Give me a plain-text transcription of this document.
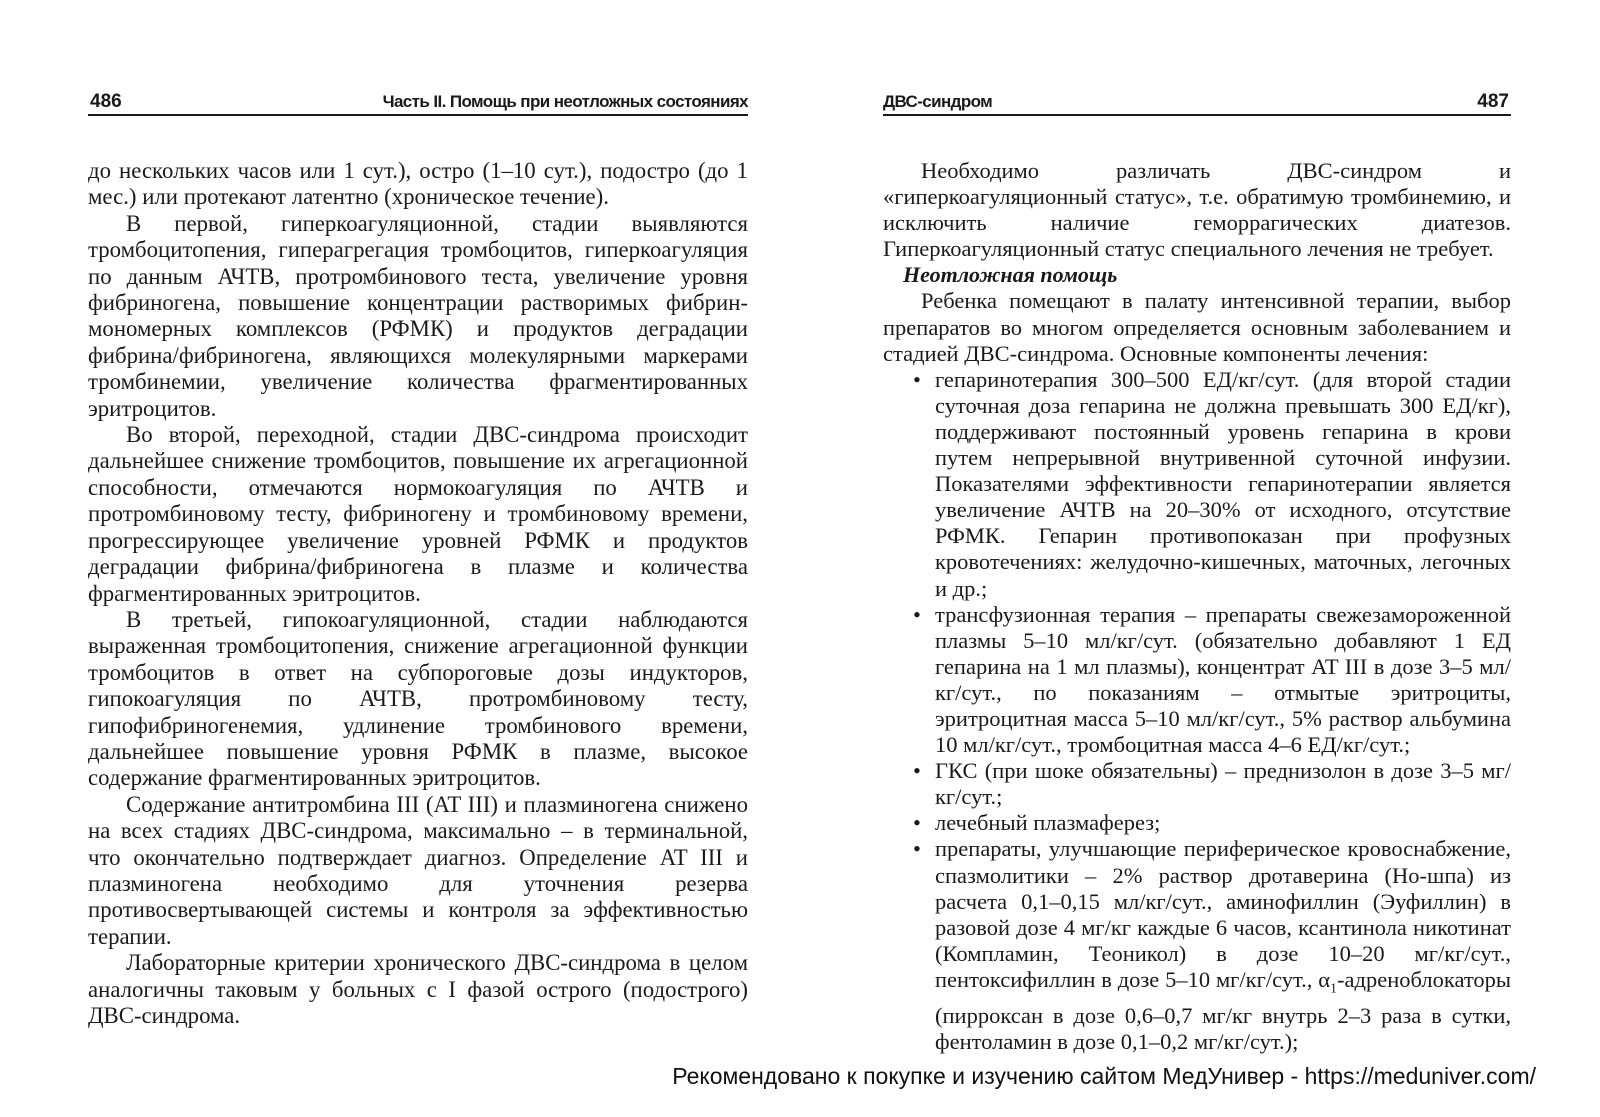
486	Часть II. Помощь при неотложных состояниях

до нескольких часов или 1 сут.), остро (1–10 сут.), подостро (до 1 мес.) или протекают латентно (хроническое течение).

В первой, гиперкоагуляционной, стадии выявляются тромбоцитопения, гиперагрегация тромбоцитов, гиперкоагуляция по данным АЧТВ, протромбинового теста, увеличение уровня фибриногена, повышение концентрации растворимых фибрин-мономерных комплексов (РФМК) и продуктов деградации фибрина/фибриногена, являющихся молекулярными маркерами тромбинемии, увеличение количества фрагментированных эритроцитов.

Во второй, переходной, стадии ДВС-синдрома происходит дальнейшее снижение тромбоцитов, повышение их агрегационной способности, отмечаются нормокоагуляция по АЧТВ и протромбиновому тесту, фибриногену и тромбиновому времени, прогрессирующее увеличение уровней РФМК и продуктов деградации фибрина/фибриногена в плазме и количества фрагментированных эритроцитов.

В третьей, гипокоагуляционной, стадии наблюдаются выраженная тромбоцитопения, снижение агрегационной функции тромбоцитов в ответ на субпороговые дозы индукторов, гипокоагуляция по АЧТВ, протромбиновому тесту, гипофибриногенемия, удлинение тромбинового времени, дальнейшее повышение уровня РФМК в плазме, высокое содержание фрагментированных эритроцитов.

Содержание антитромбина III (AT III) и плазминогена снижено на всех стадиях ДВС-синдрома, максимально – в терминальной, что окончательно подтверждает диагноз. Определение AT III и плазминогена необходимо для уточнения резерва противосвертывающей системы и контроля за эффективностью терапии.

Лабораторные критерии хронического ДВС-синдрома в целом аналогичны таковым у больных с I фазой острого (подострого) ДВС-синдрома.

ДВС-синдром	487

Необходимо различать ДВС-синдром и «гиперкоагуляционный статус», т.е. обратимую тромбинемию, и исключить наличие геморрагических диатезов. Гиперкоагуляционный статус специального лечения не требует.

Неотложная помощь

Ребенка помещают в палату интенсивной терапии, выбор препаратов во многом определяется основным заболеванием и стадией ДВС-синдрома. Основные компоненты лечения:

• гепаринотерапия 300–500 ЕД/кг/сут. (для второй стадии суточная доза гепарина не должна превышать 300 ЕД/кг), поддерживают постоянный уровень гепарина в крови путем непрерывной внутривенной суточной инфузии. Показателями эффективности гепаринотерапии является увеличение АЧТВ на 20–30% от исходного, отсутствие РФМК. Гепарин противопоказан при профузных кровотечениях: желудочно-кишечных, маточных, легочных и др.;
• трансфузионная терапия – препараты свежезамороженной плазмы 5–10 мл/кг/сут. (обязательно добавляют 1 ЕД гепарина на 1 мл плазмы), концентрат AT III в дозе 3–5 мл/кг/сут., по показаниям – отмытые эритроциты, эритроцитная масса 5–10 мл/кг/сут., 5% раствор альбумина 10 мл/кг/сут., тромбоцитная масса 4–6 ЕД/кг/сут.;
• ГКС (при шоке обязательны) – преднизолон в дозе 3–5 мг/кг/сут.;
• лечебный плазмаферез;
• препараты, улучшающие периферическое кровоснабжение, спазмолитики – 2% раствор дротаверина (Но-шпа) из расчета 0,1–0,15 мл/кг/сут., аминофиллин (Эуфиллин) в разовой дозе 4 мг/кг каждые 6 часов, ксантинола никотинат (Компламин, Теоникол) в дозе 10–20 мг/кг/сут., пентоксифиллин в дозе 5–10 мг/кг/сут., $\alpha_1$-адреноблокаторы (пирроксан в дозе 0,6–0,7 мг/кг внутрь 2–3 раза в сутки, фентоламин в дозе 0,1–0,2 мг/кг/сут.);
Рекомендовано к покупке и изучению сайтом МедУнивер - https://meduniver.com/
